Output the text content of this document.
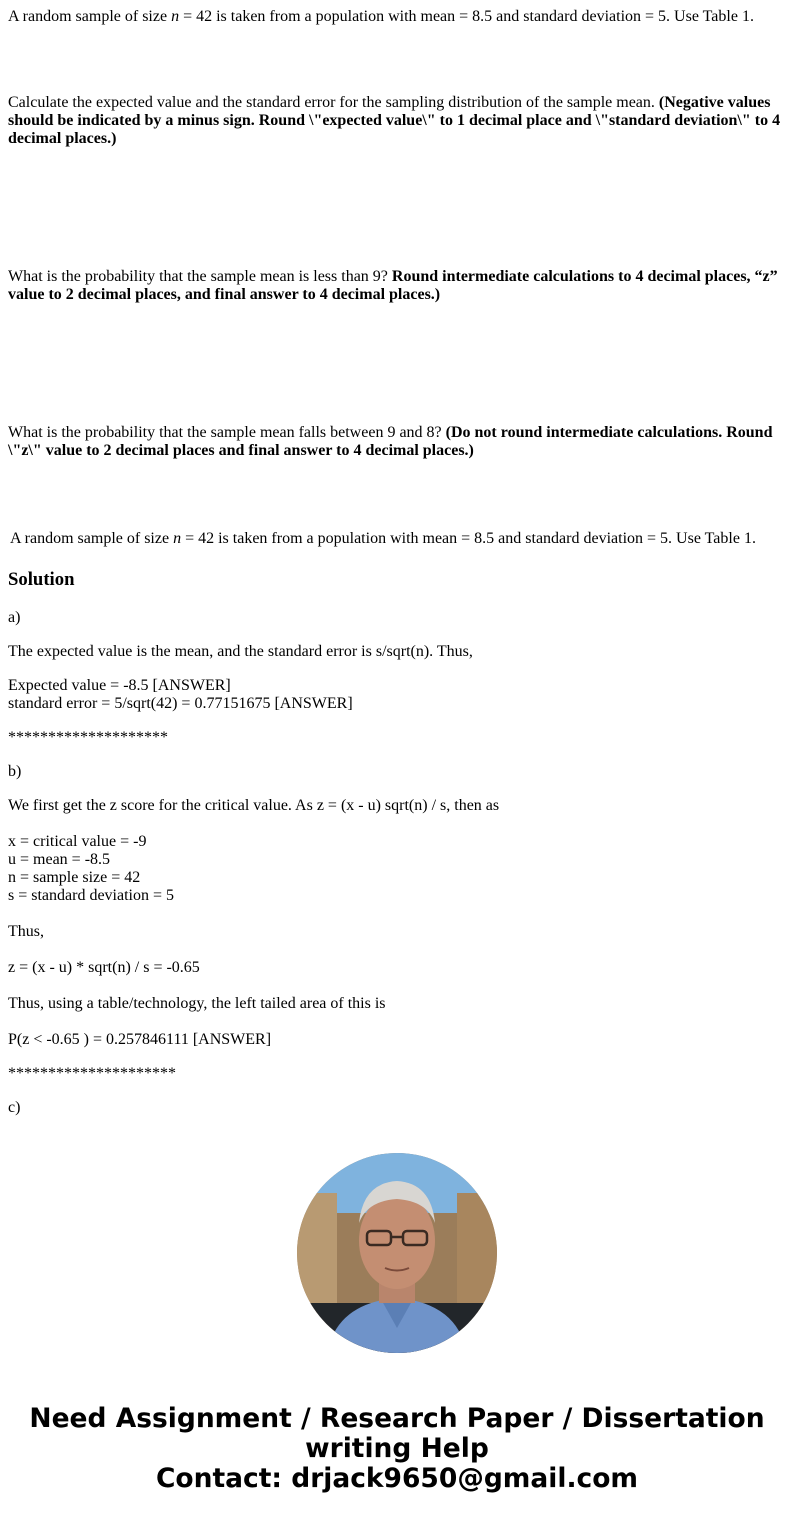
A random sample of size n = 42 is taken from a population with mean = 8.5 and standard deviation = 5. Use Table 1.

Calculate the expected value and the standard error for the sampling distribution of the sample mean. (Negative values should be indicated by a minus sign. Round \"expected value\" to 1 decimal place and \"standard deviation\" to 4 decimal places.)

What is the probability that the sample mean is less than 9? Round intermediate calculations to 4 decimal places, “z” value to 2 decimal places, and final answer to 4 decimal places.)

What is the probability that the sample mean falls between 9 and 8? (Do not round intermediate calculations. Round \"z\" value to 2 decimal places and final answer to 4 decimal places.)

A random sample of size n = 42 is taken from a population with mean = 8.5 and standard deviation = 5. Use Table 1.

Solution

a)

The expected value is the mean, and the standard error is s/sqrt(n). Thus,

Expected value = -8.5 [ANSWER]

standard error = 5/sqrt(42) = 0.77151675 [ANSWER]

********************

b)

We first get the z score for the critical value. As z = (x - u) sqrt(n) / s, then as

x = critical value = -9

u = mean = -8.5

n = sample size = 42

s = standard deviation = 5

Thus,

z = (x - u) * sqrt(n) / s = -0.65

Thus, using a table/technology, the left tailed area of this is

P(z < -0.65 ) = 0.257846111 [ANSWER]

*********************

c)

Need Assignment / Research Paper / Dissertation
writing Help
Contact: drjack9650@gmail.com
